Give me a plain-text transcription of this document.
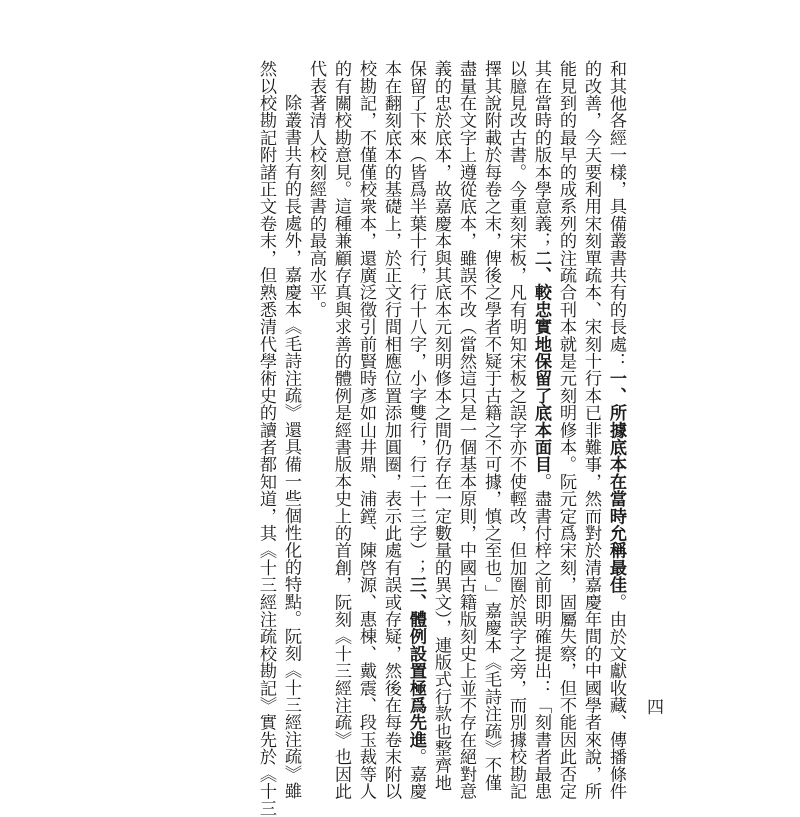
和其他各經一樣，具備叢書共有的長處：一、所據底本在當時允稱最佳。由於文獻收藏、傳播條件
的改善，今天要利用宋刻單疏本、宋刻十行本已非難事，然而對於清嘉慶年間的中國學者來說，所
能見到的最早的成系列的注疏合刊本就是元刻明修本。阮元定爲宋刻，固屬失察，但不能因此否定
其在當時的版本學意義；二、較忠實地保留了底本面目。盡書付梓之前即明確提出：「刻書者最患
以臆見改古書。今重刻宋板，凡有明知宋板之誤字亦不使輕改，但加圈於誤字之旁，而別據校勘記
擇其說附載於每卷之末，俾後之學者不疑于古籍之不可據，慎之至也。」嘉慶本《毛詩注疏》不僅
盡量在文字上遵從底本，雖誤不改（當然這只是一個基本原則，中國古籍版刻史上並不存在絕對意
義的忠於底本，故嘉慶本與其底本元刻明修本之間仍存在一定數量的異文），連版式行款也整齊地
保留了下來（皆爲半葉十行，行十八字，小字雙行，行二十三字）；三、體例設置極爲先進。嘉慶
本在翻刻底本的基礎上，於正文行間相應位置添加圓圈，表示此處有誤或存疑，然後在每卷末附以
校勘記，不僅僅校衆本，還廣泛徵引前賢時彥如山井鼎、浦鏜、陳啓源、惠棟、戴震、段玉裁等人
的有關校勘意見。這種兼顧存真與求善的體例是經書版本史上的首創，阮刻《十三經注疏》也因此
代表著清人校刻經書的最高水平。
除叢書共有的長處外，嘉慶本《毛詩注疏》還具備一些個性化的特點。阮刻《十三經注疏》雖
然以校勘記附諸正文卷末，但熟悉清代學術史的讀者都知道，其《十三經注疏校勘記》實先於《十三	四
